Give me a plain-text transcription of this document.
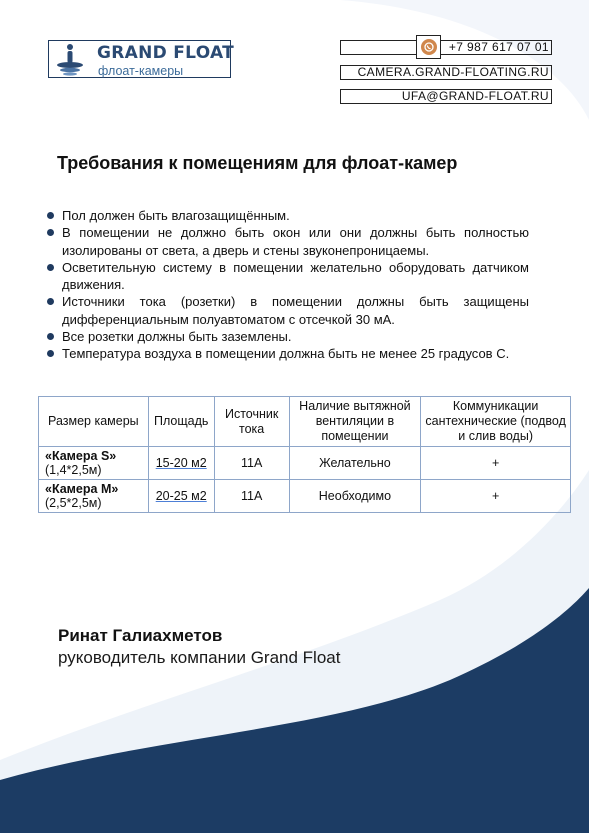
GRAND FLOAT
флоат-камеры
+7 987 617 07 01
CAMERA.GRAND-FLOATING.RU
UFA@GRAND-FLOAT.RU
Требования к помещениям для флоат-камер
Пол должен быть влагозащищённым.
В помещении не должно быть окон или они должны быть полностью изолированы от света, а дверь и стены звуконепроницаемы.
Осветительную систему в помещении желательно оборудовать датчиком движения.
Источники тока (розетки) в помещении должны быть защищены дифференциальным полуавтоматом с отсечкой 30 мА.
Все розетки должны быть заземлены.
Температура воздуха в помещении должна быть не менее 25 градусов С.
Размер камеры	Площадь	Источник тока	Наличие вытяжной вентиляции в помещении	Коммуникации сантехнические (подвод и слив воды)

«Камера S»
(1,4*2,5м)	15-20 м2	11А	Желательно	+

«Камера M»
(2,5*2,5м)	20-25 м2	11А	Необходимо	+
Ринат Галиахметов
руководитель компании Grand Float
